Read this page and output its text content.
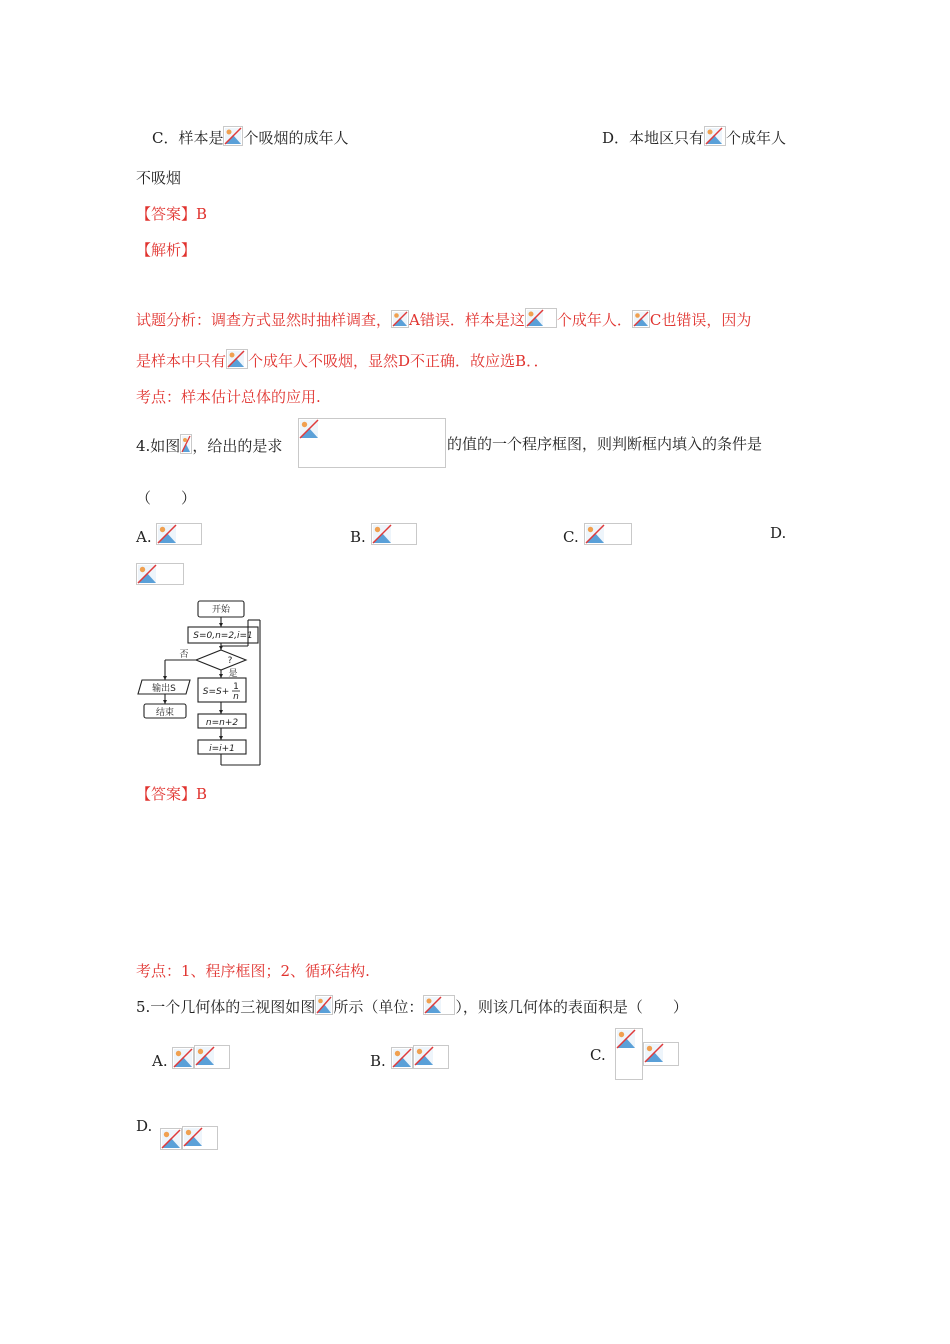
C．样本是 个吸烟的成年人	D．本地区只有 个成年人
不吸烟
【答案】B
【解析】
试题分析：调查方式显然时抽样调查， A错误．样本是这 个成年人． C也错误，因为
是样本中只有 个成年人不吸烟，显然D不正确．故应选B．．
考点：样本估计总体的应用.
4.如图 ，给出的是求	的值的一个程序框图，则判断框内填入的条件是
（　　）
A.	B.	C.	D.
开始
S=0,n=2,i=1
?
否
是
输出S
结束
S=S+ 1
n
n=n+2
i=i+1
【答案】B
考点：1、程序框图；2、循环结构.
5.一个几何体的三视图如图 所示（单位： ），则该几何体的表面积是（　　）
A.	B.	C.
D.
